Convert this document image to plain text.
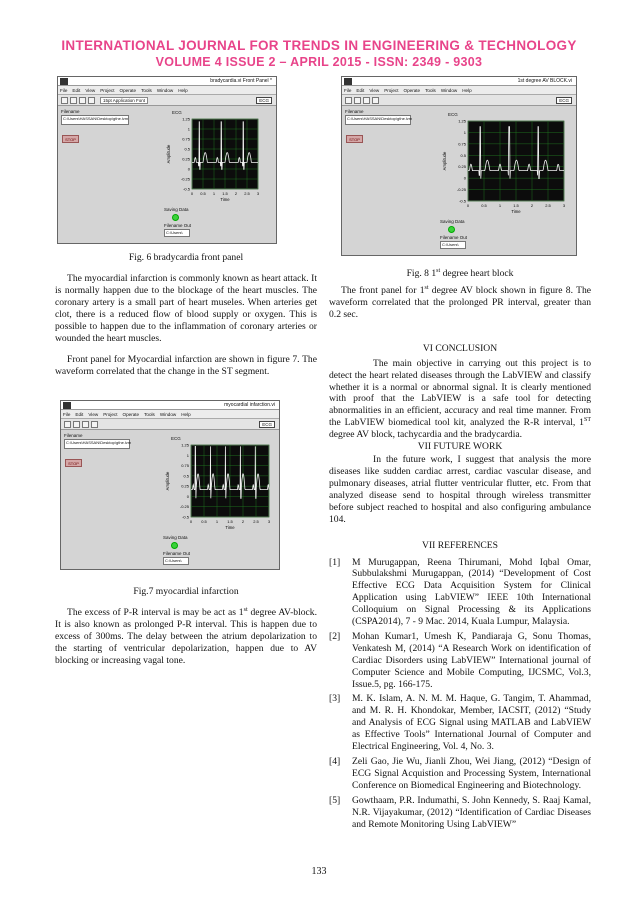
INTERNATIONAL JOURNAL FOR TRENDS IN ENGINEERING & TECHNOLOGY
VOLUME 4 ISSUE 2 – APRIL 2015 - ISSN: 2349 - 9303
bradycardia.vi Front Panel *
File Edit View Project Operate Tools Window Help
15pt Application Font	ECG
Filename
C:\Users\HASSAN\Desktop\gthe.lvm
STOP
ECG
1.25
1
0.75
0.5
0.25
0
-0.25
-0.5
0 0.5 1 1.5 2 2.5 3
Amplitude
Time
Saving Data
Filename Out
C:\Users\
Fig. 6 bradycardia front panel

The myocardial infarction is commonly known as heart attack. It is normally happen due to the blockage of the heart muscles. The coronary artery is a small part of heart museles. When arteries get clot, there is a reduced flow of blood supply or oxygen. This is possible to happen due to the inflammation of coronary arteries or wounded the heart muscles.

Front panel for Myocardial infarction are shown in figure 7. The waveform correlated that the change in the ST segment.

myocardial infarction.vi
File Edit View Project Operate Tools Window Help
ECG
Filename
C:\Users\HASSAN\Desktop\gthe.lvm
STOP
ECG
1.25
1
0.75
0.5
0.25
0
-0.25
-0.5
0 0.5 1 1.5 2 2.5 3
Amplitude
Time
Saving Data
Filename Out
C:\Users\
Fig.7 myocardial infarction

The excess of P-R interval is may be act as 1st degree AV-block. It is also known as prolonged P-R interval. This is happen due to excess of 300ms. The delay between the atrium depolarization to the starting of ventricular depolarization, happen due to AV blocking or increasing vagal tone.

1st degree AV BLOCK.vi
File Edit View Project Operate Tools Window Help
ECG
Filename
C:\Users\HASSAN\Desktop\gthe.lvm
STOP
ECG
1.25
1
0.75
0.5
0.25
0
-0.25
-0.5
0	0.5	1	1.5	2	2.5	3
Amplitude
Time
Saving Data
Filename Out
C:\Users\
Fig. 8 1st degree heart block

The front panel for 1st degree AV block shown in figure 8. The waveform correlated that the prolonged PR interval, greater than 0.2 sec.

VI CONCLUSION

The main objective in carrying out this project is to detect the heart related diseases through the LabVIEW and classify whether it is a normal or abnormal signal. It is clearly mentioned with proof that the LabVIEW is a safe tool for detecting abnormalities in an efficient, accuracy and real time manner. From the LabVIEW biomedical tool kit, analyzed the R-R interval, 1ST degree AV block, tachycardia and the bradycardia.

VII FUTURE WORK

In the future work, I suggest that analysis the more diseases like sudden cardiac arrest, cardiac vascular disease, and pulmonary diseases, atrial flutter ventricular flutter, etc. From that analyzed disease send to hospital through wireless transmitter before subject reached to hospital and also configuring ambulance 104.

VII REFERENCES
[1]	M Murugappan, Reena Thirumani, Mohd Iqbal Omar, Subbulakshmi Murugappan, (2014) “Development of Cost Effective ECG Data Acquisition System for Clinical Application using LabVIEW” IEEE 10th International Colloquium on Signal Processing & its Applications (CSPA2014), 7 - 9 Mac. 2014, Kuala Lumpur, Malaysia.
[2]	Mohan Kumar1, Umesh K, Pandiaraja G, Sonu Thomas, Venkatesh M, (2014) “A Research Work on identification of Cardiac Disorders using LabVIEW” International journal of Computer Science and Mobile Computing, IJCSMC, Vol.3, Issue.5, pg. 166-175.
[3]	M. K. Islam, A. N. M. M. Haque, G. Tangim, T. Ahammad, and M. R. H. Khondokar, Member, IACSIT, (2012) “Study and Analysis of ECG Signal using MATLAB and LabVIEW as Effective Tools” International Journal of Computer and Electrical Engineering, Vol. 4, No. 3.
[4]	Zeli Gao, Jie Wu, Jianli Zhou, Wei Jiang, (2012) “Design of ECG Signal Acquistion and Processing System, International Conference on Biomedical Engineering and Biotechnology.
[5]	Gowthaam, P.R. Indumathi, S. John Kennedy, S. Raaj Kamal, N.R. Vijayakumar, (2012) “Identification of Cardiac Diseases and Remote Monitoring Using LabVIEW”
133
